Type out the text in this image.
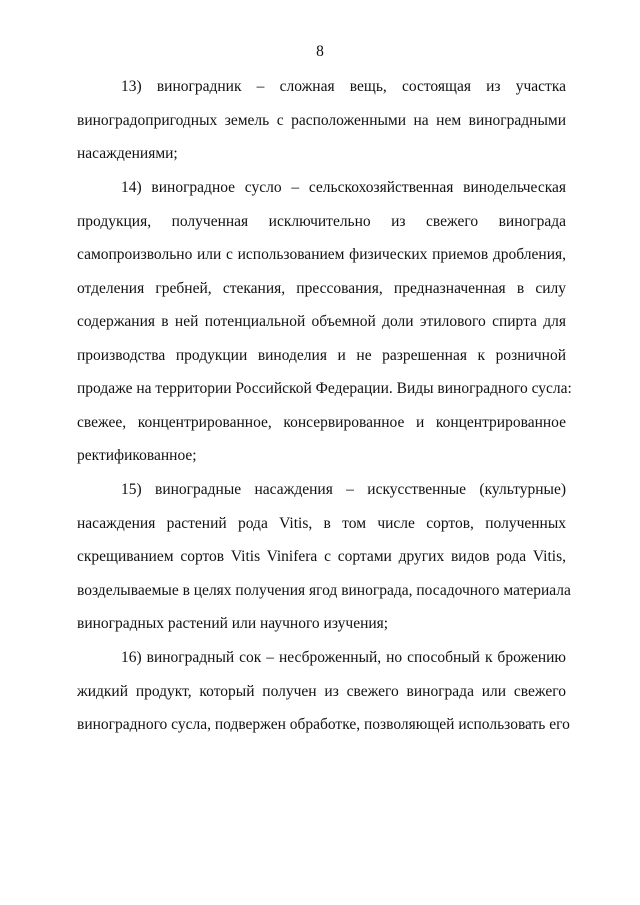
8
13) виноградник – сложная вещь, состоящая из участка
виноградопригодных земель с расположенными на нем виноградными
насаждениями;
14) виноградное сусло – сельскохозяйственная винодельческая
продукция, полученная исключительно из свежего винограда
самопроизвольно или с использованием физических приемов дробления,
отделения гребней, стекания, прессования, предназначенная в силу
содержания в ней потенциальной объемной доли этилового спирта для
производства продукции виноделия и не разрешенная к розничной
продаже на территории Российской Федерации. Виды виноградного сусла:
свежее, концентрированное, консервированное и концентрированное
ректификованное;
15) виноградные насаждения – искусственные (культурные)
насаждения растений рода Vitis, в том числе сортов, полученных
скрещиванием сортов Vitis Vinifera с сортами других видов рода Vitis,
возделываемые в целях получения ягод винограда, посадочного материала
виноградных растений или научного изучения;
16) виноградный сок – несброженный, но способный к брожению
жидкий продукт, который получен из свежего винограда или свежего
виноградного сусла, подвержен обработке, позволяющей использовать его
